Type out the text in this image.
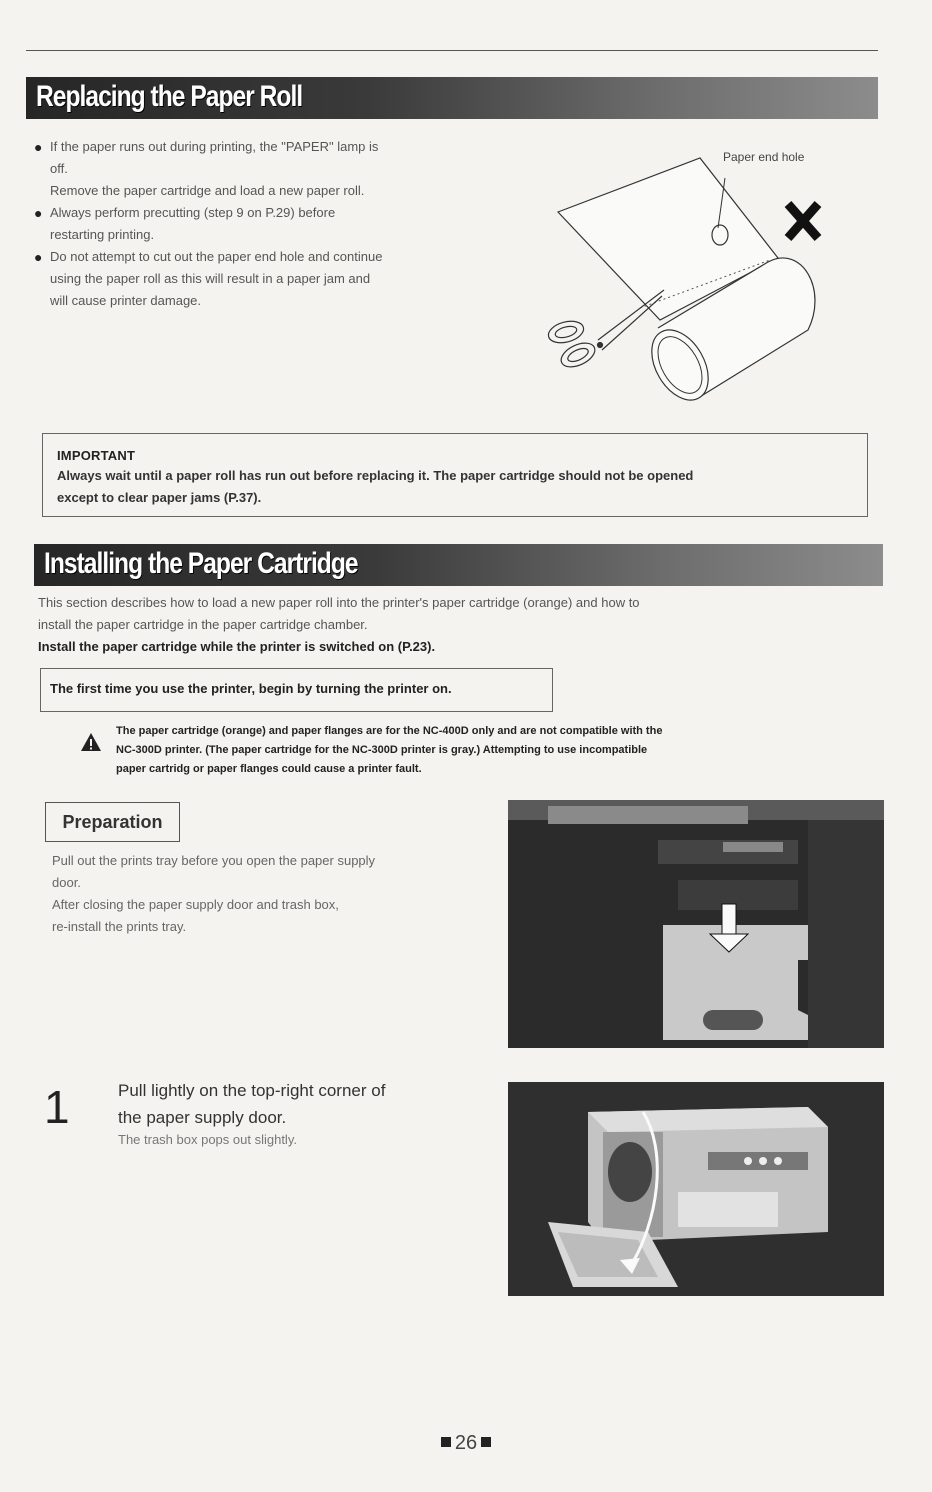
Replacing the Paper Roll
● If the paper runs out during printing, the "PAPER" lamp is
off.
Remove the paper cartridge and load a new paper roll.
● Always perform precutting (step 9 on P.29) before
restarting printing.
● Do not attempt to cut out the paper end hole and continue
using the paper roll as this will result in a paper jam and
will cause printer damage.
Paper end hole
IMPORTANT
Always wait until a paper roll has run out before replacing it. The paper cartridge should not be opened
except to clear paper jams (P.37).
Installing the Paper Cartridge
This section describes how to load a new paper roll into the printer's paper cartridge (orange) and how to
install the paper cartridge in the paper cartridge chamber.
Install the paper cartridge while the printer is switched on (P.23).
The first time you use the printer, begin by turning the printer on.
The paper cartridge (orange) and paper flanges are for the NC-400D only and are not compatible with the
NC-300D printer. (The paper cartridge for the NC-300D printer is gray.) Attempting to use incompatible
paper cartridg or paper flanges could cause a printer fault.
Preparation
Pull out the prints tray before you open the paper supply
door.
After closing the paper supply door and trash box,
re-install the prints tray.
1	Pull lightly on the top-right corner of
the paper supply door.
The trash box pops out slightly.
26
